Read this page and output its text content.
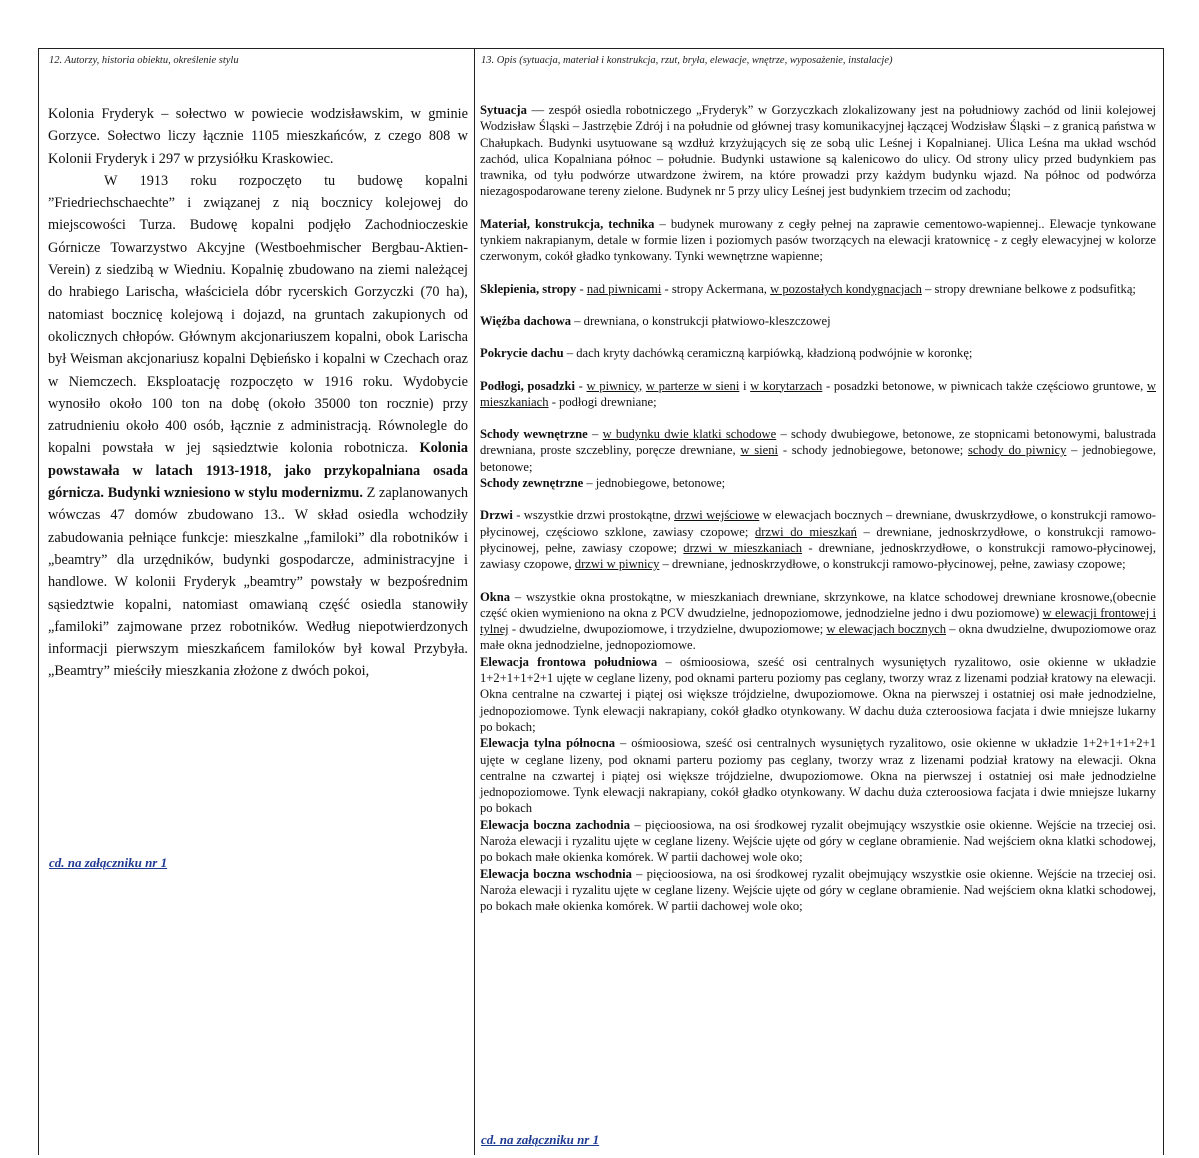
12. Autorzy, historia obiektu, określenie stylu	13. Opis (sytuacja, materiał i konstrukcja, rzut, bryła, elewacje, wnętrze, wyposażenie, instalacje)

Kolonia Fryderyk – sołectwo w powiecie wodzisławskim, w gminie Gorzyce. Sołectwo liczy łącznie 1105 mieszkańców, z czego 808 w Kolonii Fryderyk i 297 w przysiółku Kraskowiec.

W 1913 roku rozpoczęto tu budowę kopalni ”Friedriechschaechte” i związanej z nią bocznicy kolejowej do miejscowości Turza. Budowę kopalni podjęło Zachodnioczeskie Górnicze Towarzystwo Akcyjne (Westboehmischer Bergbau-Aktien-Verein) z siedzibą w Wiedniu. Kopalnię zbudowano na ziemi należącej do hrabiego Larischa, właściciela dóbr rycerskich Gorzyczki (70 ha), natomiast bocznicę kolejową i dojazd, na gruntach zakupionych od okolicznych chłopów. Głównym akcjonariuszem kopalni, obok Larischa był Weisman akcjonariusz kopalni Dębieńsko i kopalni w Czechach oraz w Niemczech. Eksploatację rozpoczęto w 1916 roku. Wydobycie wynosiło około 100 ton na dobę (około 35000 ton rocznie) przy zatrudnieniu około 400 osób, łącznie z administracją. Równolegle do kopalni powstała w jej sąsiedztwie kolonia robotnicza. Kolonia powstawała w latach 1913-1918, jako przykopalniana osada górnicza. Budynki wzniesiono w stylu modernizmu. Z zaplanowanych wówczas 47 domów zbudowano 13.. W skład osiedla wchodziły zabudowania pełniące funkcje: mieszkalne „familoki” dla robotników i „beamtry” dla urzędników, budynki gospodarcze, administracyjne i handlowe. W kolonii Fryderyk „beamtry” powstały w bezpośrednim sąsiedztwie kopalni, natomiast omawianą część osiedla stanowiły „familoki” zajmowane przez robotników. Według niepotwierdzonych informacji pierwszym mieszkańcem familoków był kowal Przybyła. „Beamtry” mieściły mieszkania złożone z dwóch pokoi,

cd. na załączniku nr 1

Sytuacja — zespół osiedla robotniczego „Fryderyk” w Gorzyczkach zlokalizowany jest na południowy zachód od linii kolejowej Wodzisław Śląski – Jastrzębie Zdrój i na południe od głównej trasy komunikacyjnej łączącej Wodzisław Śląski – z granicą państwa w Chałupkach. Budynki usytuowane są wzdłuż krzyżujących się ze sobą ulic Leśnej i Kopalnianej. Ulica Leśna ma układ wschód zachód, ulica Kopalniana północ – południe. Budynki ustawione są kalenicowo do ulicy. Od strony ulicy przed budynkiem pas trawnika, od tyłu podwórze utwardzone żwirem, na które prowadzi przy każdym budynku wjazd. Na północ od podwórza niezagospodarowane tereny zielone. Budynek nr 5 przy ulicy Leśnej jest budynkiem trzecim od zachodu;

Materiał, konstrukcja, technika – budynek murowany z cegły pełnej na zaprawie cementowo-wapiennej.. Elewacje tynkowane tynkiem nakrapianym, detale w formie lizen i poziomych pasów tworzących na elewacji kratownicę - z cegły elewacyjnej w kolorze czerwonym, cokół gładko tynkowany. Tynki wewnętrzne wapienne;

Sklepienia, stropy - nad piwnicami - stropy Ackermana, w pozostałych kondygnacjach – stropy drewniane belkowe z podsufitką;

Więźba dachowa – drewniana, o konstrukcji płatwiowo-kleszczowej

Pokrycie dachu – dach kryty dachówką ceramiczną karpiówką, kładzioną podwójnie w koronkę;

Podłogi, posadzki - w piwnicy, w parterze w sieni i w korytarzach - posadzki betonowe, w piwnicach także częściowo gruntowe, w mieszkaniach - podłogi drewniane;

Schody wewnętrzne – w budynku dwie klatki schodowe – schody dwubiegowe, betonowe, ze stopnicami betonowymi, balustrada drewniana, proste szczebliny, poręcze drewniane, w sieni - schody jednobiegowe, betonowe; schody do piwnicy – jednobiegowe, betonowe;

Schody zewnętrzne – jednobiegowe, betonowe;

Drzwi - wszystkie drzwi prostokątne, drzwi wejściowe w elewacjach bocznych – drewniane, dwuskrzydłowe, o konstrukcji ramowo-płycinowej, częściowo szklone, zawiasy czopowe; drzwi do mieszkań – drewniane, jednoskrzydłowe, o konstrukcji ramowo-płycinowej, pełne, zawiasy czopowe; drzwi w mieszkaniach - drewniane, jednoskrzydłowe, o konstrukcji ramowo-płycinowej, zawiasy czopowe, drzwi w piwnicy – drewniane, jednoskrzydłowe, o konstrukcji ramowo-płycinowej, pełne, zawiasy czopowe;

Okna – wszystkie okna prostokątne, w mieszkaniach drewniane, skrzynkowe, na klatce schodowej drewniane krosnowe,(obecnie część okien wymieniono na okna z PCV dwudzielne, jednopoziomowe, jednodzielne jedno i dwu poziomowe) w elewacji frontowej i tylnej - dwudzielne, dwupoziomowe, i trzydzielne, dwupoziomowe; w elewacjach bocznych – okna dwudzielne, dwupoziomowe oraz małe okna jednodzielne, jednopoziomowe.

Elewacja frontowa południowa – ośmioosiowa, sześć osi centralnych wysuniętych ryzalitowo, osie okienne w układzie 1+2+1+1+2+1 ujęte w ceglane lizeny, pod oknami parteru poziomy pas ceglany, tworzy wraz z lizenami podział kratowy na elewacji. Okna centralne na czwartej i piątej osi większe trójdzielne, dwupoziomowe. Okna na pierwszej i ostatniej osi małe jednodzielne, jednopoziomowe. Tynk elewacji nakrapiany, cokół gładko otynkowany. W dachu duża czteroosiowa facjata i dwie mniejsze lukarny po bokach;

Elewacja tylna północna – ośmioosiowa, sześć osi centralnych wysuniętych ryzalitowo, osie okienne w układzie 1+2+1+1+2+1 ujęte w ceglane lizeny, pod oknami parteru poziomy pas ceglany, tworzy wraz z lizenami podział kratowy na elewacji. Okna centralne na czwartej i piątej osi większe trójdzielne, dwupoziomowe. Okna na pierwszej i ostatniej osi małe jednodzielne jednopoziomowe. Tynk elewacji nakrapiany, cokół gładko otynkowany. W dachu duża czteroosiowa facjata i dwie mniejsze lukarny po bokach

Elewacja boczna zachodnia – pięcioosiowa, na osi środkowej ryzalit obejmujący wszystkie osie okienne. Wejście na trzeciej osi. Naroża elewacji i ryzalitu ujęte w ceglane lizeny. Wejście ujęte od góry w ceglane obramienie. Nad wejściem okna klatki schodowej, po bokach małe okienka komórek. W partii dachowej wole oko;

Elewacja boczna wschodnia – pięcioosiowa, na osi środkowej ryzalit obejmujący wszystkie osie okienne. Wejście na trzeciej osi. Naroża elewacji i ryzalitu ujęte w ceglane lizeny. Wejście ujęte od góry w ceglane obramienie. Nad wejściem okna klatki schodowej, po bokach małe okienka komórek. W partii dachowej wole oko;

cd. na załączniku nr 1
